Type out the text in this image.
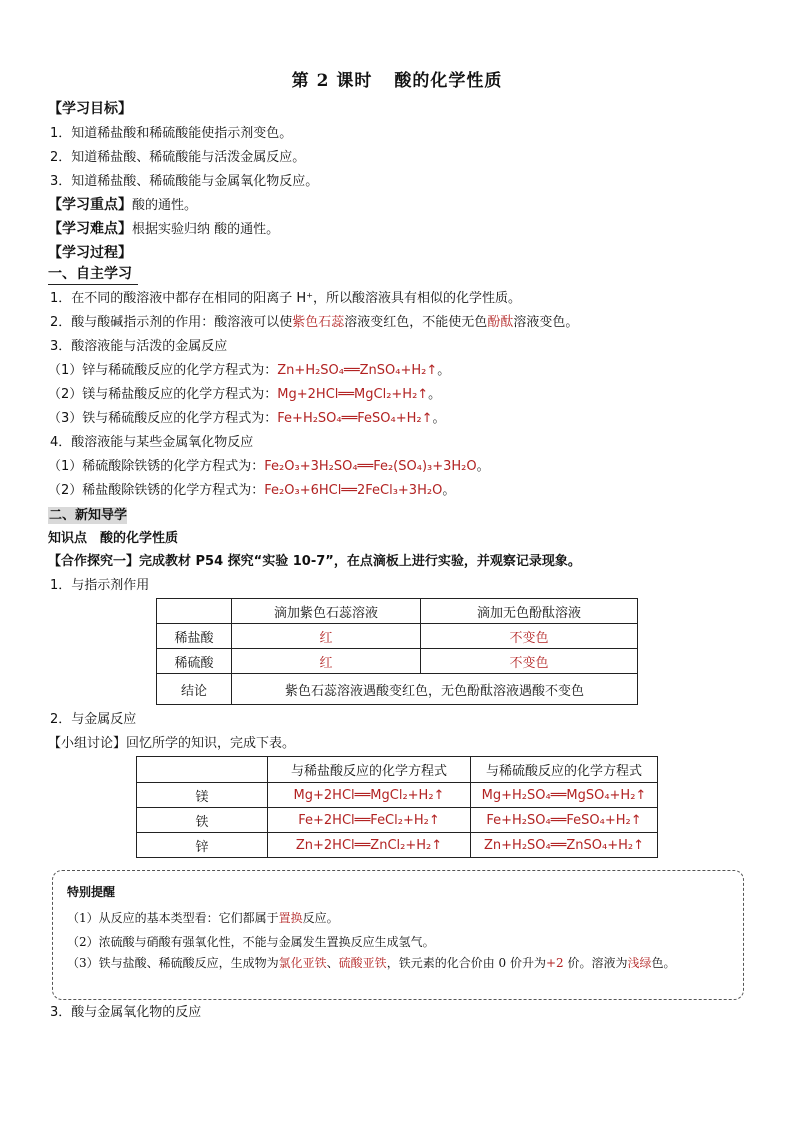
第 2 课时 酸的化学性质
【学习目标】
1．知道稀盐酸和稀硫酸能使指示剂变色。
2．知道稀盐酸、稀硫酸能与活泼金属反应。
3．知道稀盐酸、稀硫酸能与金属氧化物反应。
【学习重点】酸的通性。
【学习难点】根据实验归纳 酸的通性。
【学习过程】
一、自主学习
1．在不同的酸溶液中都存在相同的阳离子 H⁺，所以酸溶液具有相似的化学性质。
2．酸与酸碱指示剂的作用：酸溶液可以使紫色石蕊溶液变红色，不能使无色酚酞溶液变色。
3．酸溶液能与活泼的金属反应
（1）锌与稀硫酸反应的化学方程式为：Zn+H₂SO₄══ZnSO₄+H₂↑。
（2）镁与稀盐酸反应的化学方程式为：Mg+2HCl══MgCl₂+H₂↑。
（3）铁与稀硫酸反应的化学方程式为：Fe+H₂SO₄══FeSO₄+H₂↑。
4．酸溶液能与某些金属氧化物反应
（1）稀硫酸除铁锈的化学方程式为：Fe₂O₃+3H₂SO₄══Fe₂(SO₄)₃+3H₂O。
（2）稀盐酸除铁锈的化学方程式为：Fe₂O₃+6HCl══2FeCl₃+3H₂O。
二、新知导学
知识点　酸的化学性质
【合作探究一】完成教材 P54 探究“实验 10-7”，在点滴板上进行实验，并观察记录现象。
1．与指示剂作用
	滴加紫色石蕊溶液	滴加无色酚酞溶液
稀盐酸	红	不变色
稀硫酸	红	不变色
结论	紫色石蕊溶液遇酸变红色，无色酚酞溶液遇酸不变色	
2．与金属反应
【小组讨论】回忆所学的知识，完成下表。
	与稀盐酸反应的化学方程式	与稀硫酸反应的化学方程式
镁	Mg+2HCl══MgCl₂+H₂↑	Mg+H₂SO₄══MgSO₄+H₂↑
铁	Fe+2HCl══FeCl₂+H₂↑	Fe+H₂SO₄══FeSO₄+H₂↑
锌	Zn+2HCl══ZnCl₂+H₂↑	Zn+H₂SO₄══ZnSO₄+H₂↑
特别提醒
（1）从反应的基本类型看：它们都属于置换反应。
（2）浓硫酸与硝酸有强氧化性，不能与金属发生置换反应生成氢气。
（3）铁与盐酸、稀硫酸反应，生成物为氯化亚铁、硫酸亚铁，铁元素的化合价由 0 价升为+2 价。溶液为浅绿色。
3．酸与金属氧化物的反应
